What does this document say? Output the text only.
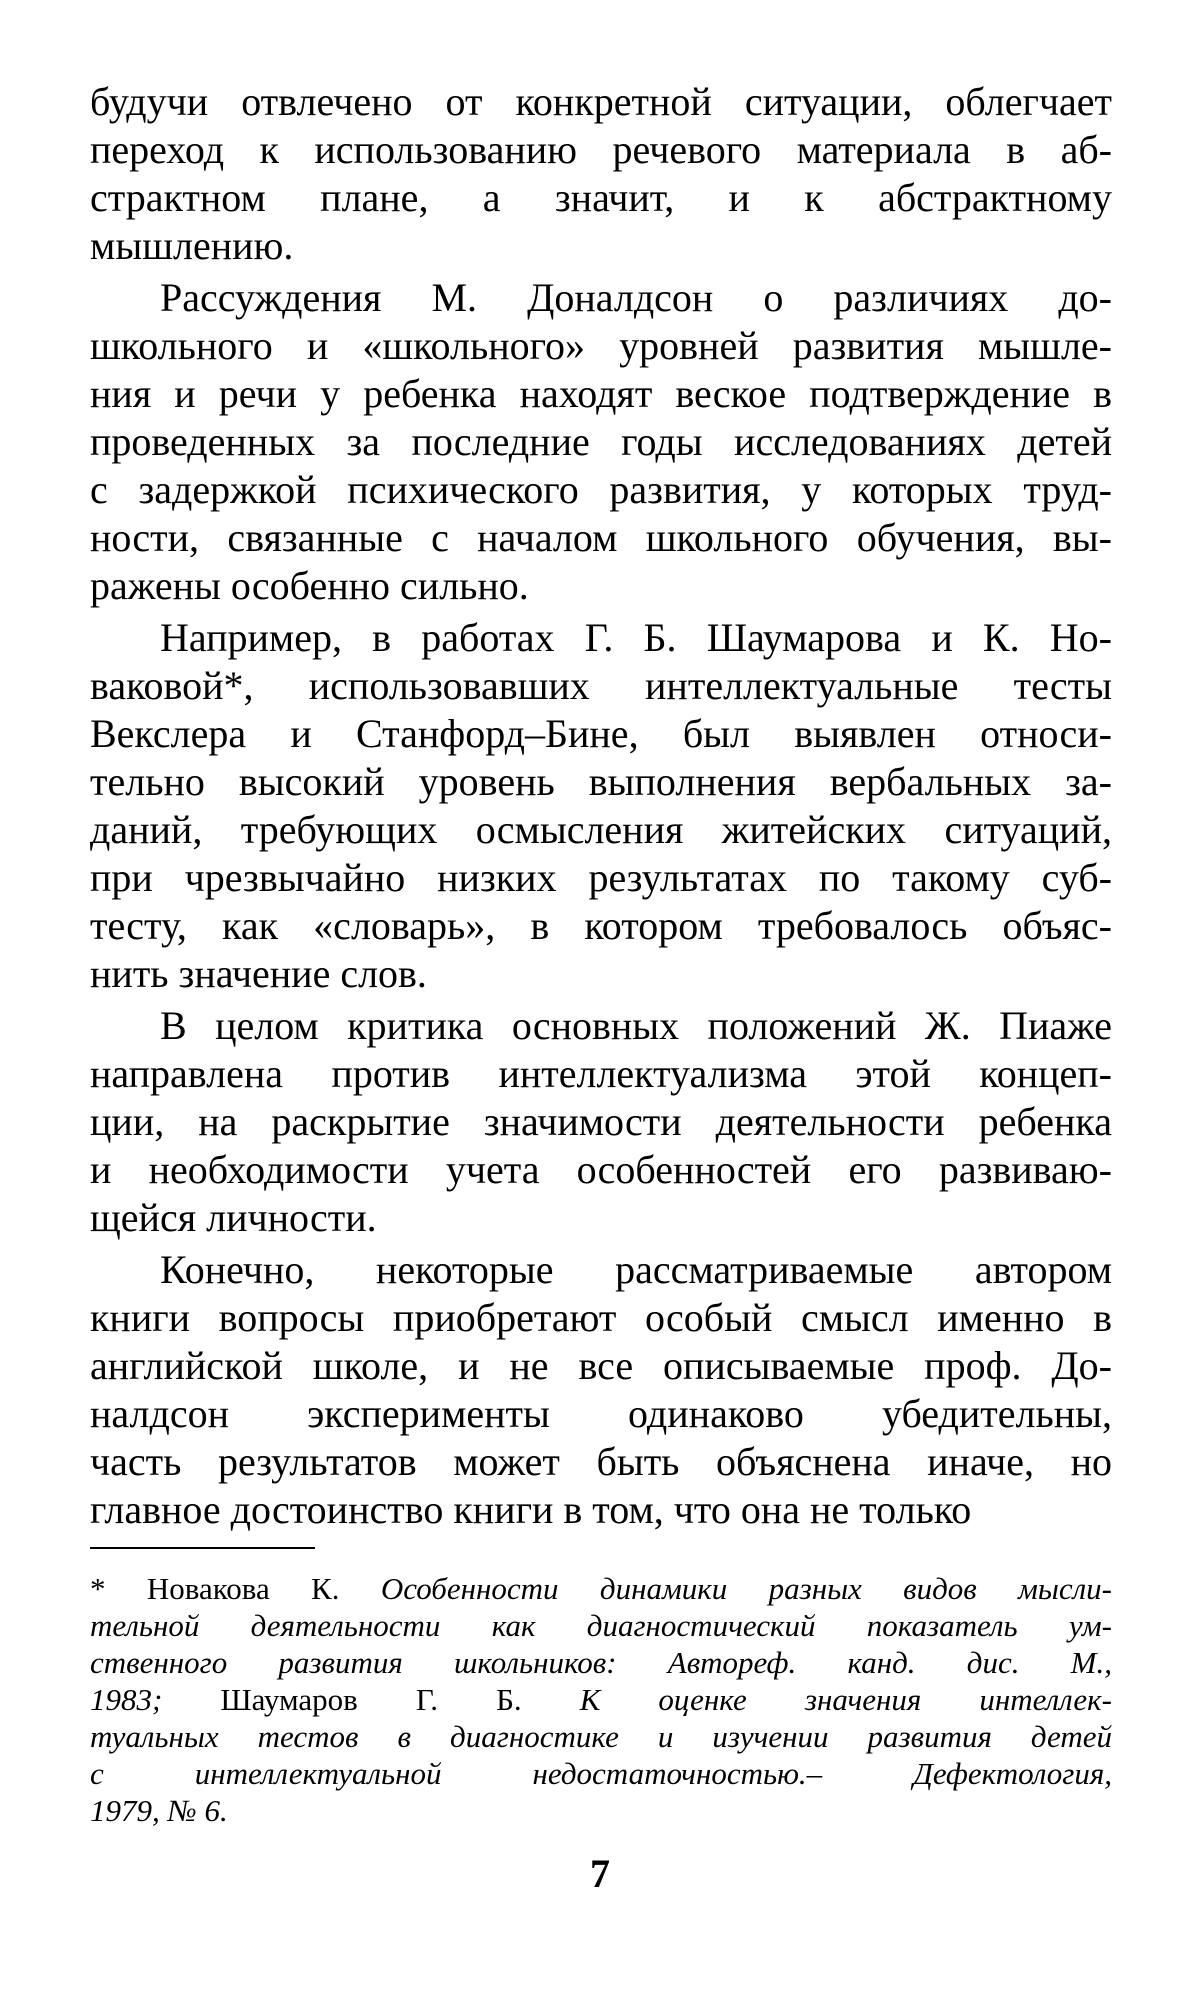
будучи отвлечено от конкретной ситуации, облегчает
переход к использованию речевого материала в аб-
страктном плане, а значит, и к абстрактному
мышлению.
Рассуждения М. Доналдсон о различиях до-
школьного и «школьного» уровней развития мышле-
ния и речи у ребенка находят веское подтверждение в
проведенных за последние годы исследованиях детей
с задержкой психического развития, у которых труд-
ности, связанные с началом школьного обучения, вы-
ражены особенно сильно.
Например, в работах Г. Б. Шаумарова и К. Но-
ваковой*, использовавших интеллектуальные тесты
Векслера и Станфорд–Бине, был выявлен относи-
тельно высокий уровень выполнения вербальных за-
даний, требующих осмысления житейских ситуаций,
при чрезвычайно низких результатах по такому суб-
тесту, как «словарь», в котором требовалось объяс-
нить значение слов.
В целом критика основных положений Ж. Пиаже
направлена против интеллектуализма этой концеп-
ции, на раскрытие значимости деятельности ребенка
и необходимости учета особенностей его развиваю-
щейся личности.
Конечно, некоторые рассматриваемые автором
книги вопросы приобретают особый смысл именно в
английской школе, и не все описываемые проф. До-
налдсон эксперименты одинаково убедительны,
часть результатов может быть объяснена иначе, но
главное достоинство книги в том, что она не только
* Новакова К. Особенности динамики разных видов мысли-
тельной деятельности как диагностический показатель ум-
ственного развития школьников: Автореф. канд. дис. М.,
1983; Шаумаров Г. Б. К оценке значения интеллек-
туальных тестов в диагностике и изучении развития детей
с интеллектуальной недостаточностью.– Дефектология,
1979, № 6.
7
